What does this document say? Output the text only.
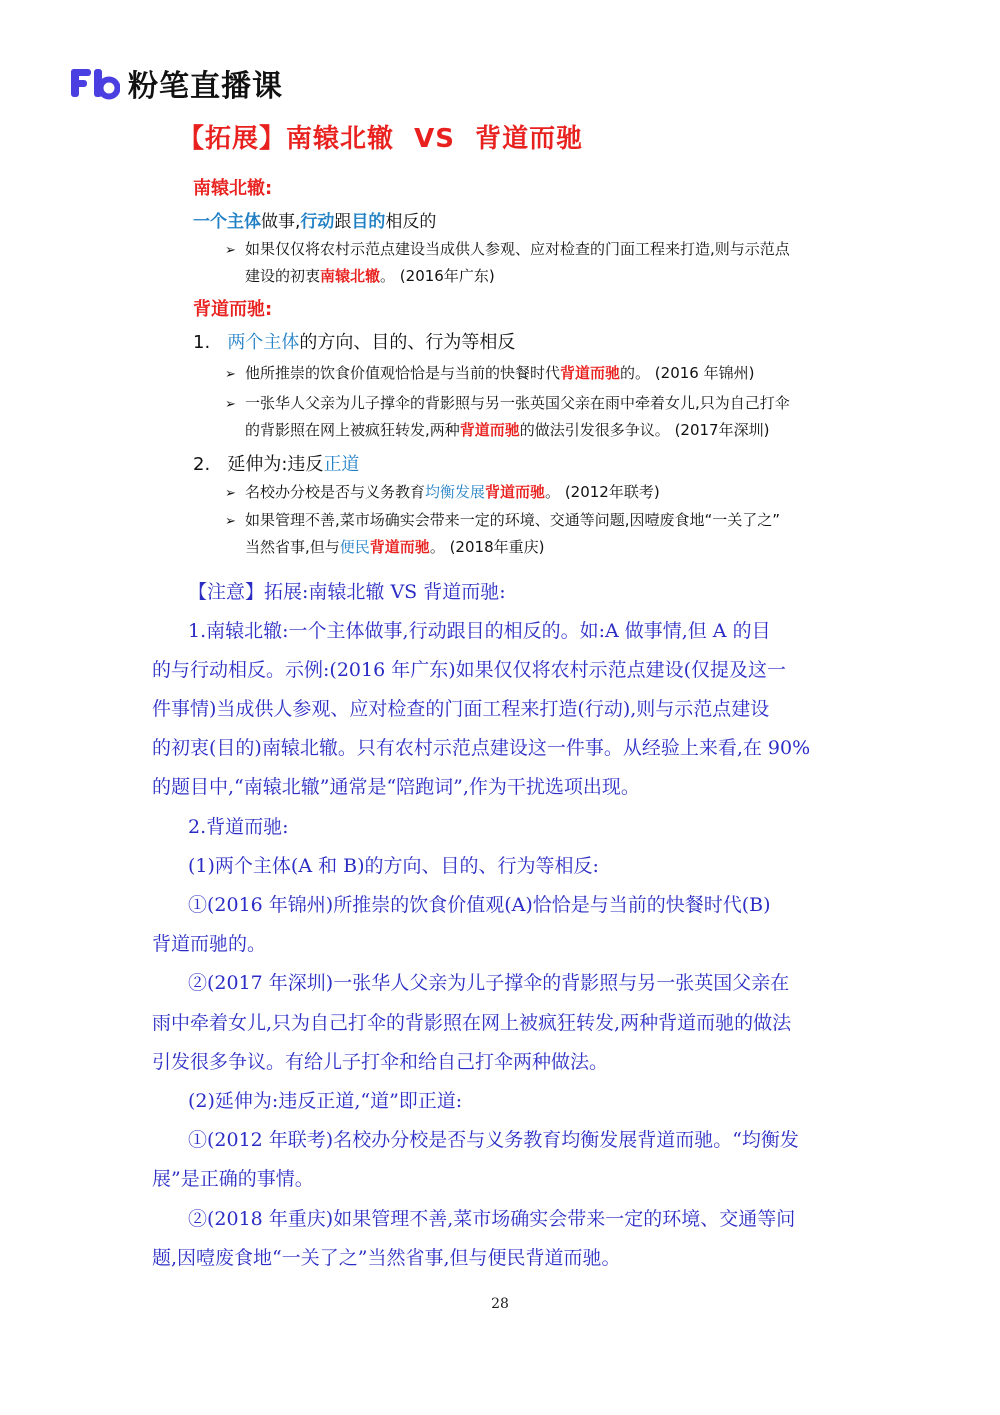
粉笔直播课
【拓展】南辕北辙 VS 背道而驰
南辕北辙:
一个主体做事,行动跟目的相反的
➢ 如果仅仅将农村示范点建设当成供人参观、应对检查的门面工程来打造,则与示范点
建设的初衷南辕北辙。 (2016年广东)
背道而驰:
1. 两个主体的方向、目的、行为等相反
➢ 他所推崇的饮食价值观恰恰是与当前的快餐时代背道而驰的。 (2016 年锦州)
➢ 一张华人父亲为儿子撑伞的背影照与另一张英国父亲在雨中牵着女儿,只为自己打伞
的背影照在网上被疯狂转发,两种背道而驰的做法引发很多争议。 (2017年深圳)
2. 延伸为:违反正道
➢ 名校办分校是否与义务教育均衡发展背道而驰。 (2012年联考)
➢ 如果管理不善,菜市场确实会带来一定的环境、交通等问题,因噎废食地“一关了之”
当然省事,但与便民背道而驰。 (2018年重庆)
【注意】拓展:南辕北辙 VS 背道而驰:
1.南辕北辙:一个主体做事,行动跟目的相反的。如:A 做事情,但 A 的目
的与行动相反。示例:(2016 年广东)如果仅仅将农村示范点建设(仅提及这一
件事情)当成供人参观、应对检查的门面工程来打造(行动),则与示范点建设
的初衷(目的)南辕北辙。只有农村示范点建设这一件事。从经验上来看,在 90%
的题目中,“南辕北辙”通常是“陪跑词”,作为干扰选项出现。
2.背道而驰:
(1)两个主体(A 和 B)的方向、目的、行为等相反:
①(2016 年锦州)所推崇的饮食价值观(A)恰恰是与当前的快餐时代(B)
背道而驰的。
②(2017 年深圳)一张华人父亲为儿子撑伞的背影照与另一张英国父亲在
雨中牵着女儿,只为自己打伞的背影照在网上被疯狂转发,两种背道而驰的做法
引发很多争议。有给儿子打伞和给自己打伞两种做法。
(2)延伸为:违反正道,“道”即正道:
①(2012 年联考)名校办分校是否与义务教育均衡发展背道而驰。“均衡发
展”是正确的事情。
②(2018 年重庆)如果管理不善,菜市场确实会带来一定的环境、交通等问
题,因噎废食地“一关了之”当然省事,但与便民背道而驰。
28
